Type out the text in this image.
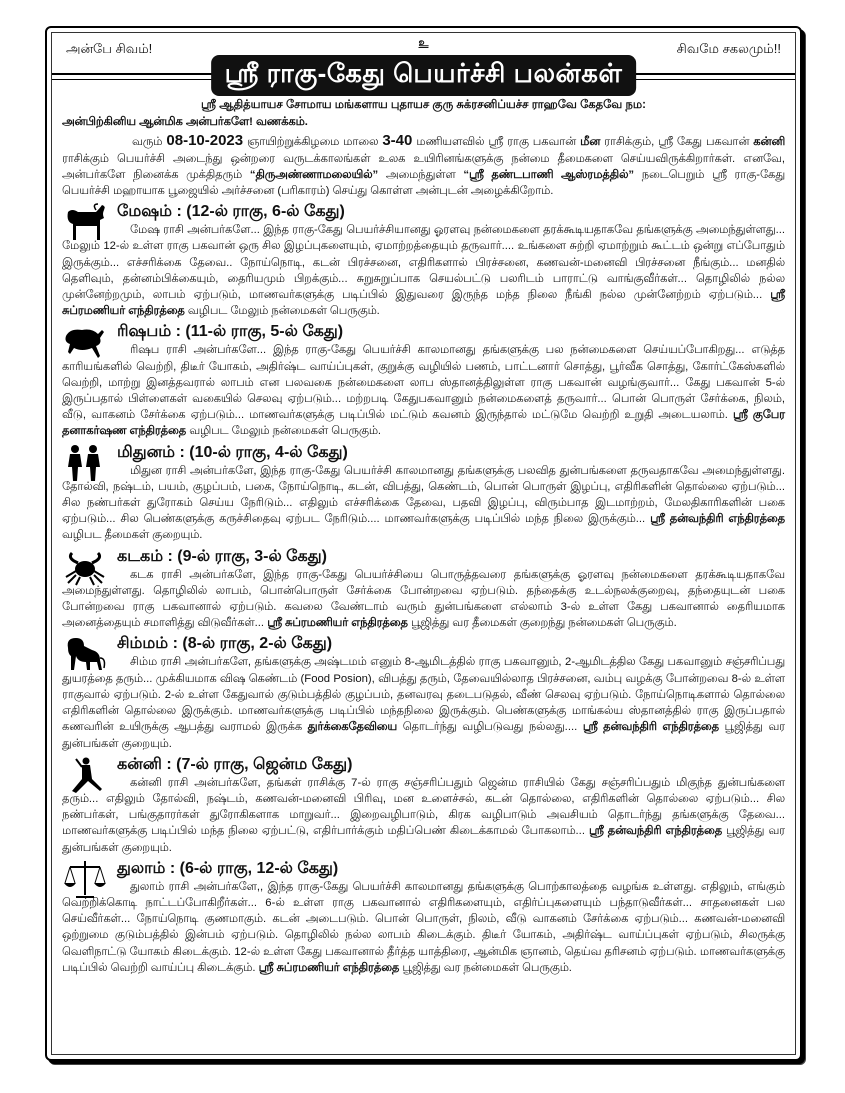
அன்பே சிவம்!	உ	சிவமே சகலமும்!!
ஸ்ரீ ராகு-கேது பெயர்ச்சி பலன்கள்
ஸ்ரீ ஆதித்யாயச சோமாய மங்களாய புதாயச குரு சுக்ரசனிப்யச்ச ராஹவே கேதவே நம:
அன்பிற்கினிய ஆன்மிக அன்பர்களே! வணக்கம்.
வரும் 08-10-2023 ஞாயிற்றுக்கிழமை மாலை 3-40 மணியளவில் ஸ்ரீ ராகு பகவான் மீன ராசிக்கும், ஸ்ரீ கேது பகவான் கன்னி ராசிக்கும் பெயர்ச்சி அடைந்து ஒன்றரை வருடக்காலங்கள் உலக உயிரினங்களுக்கு நன்மை தீமைகளை செய்யவிருக்கிறார்கள். எனவே, அன்பர்களே நினைக்க முக்திதரும் “திருஅண்ணாமலையில்” அமைந்துள்ள “ஸ்ரீ தண்டபாணி ஆஸ்ரமத்தில்” நடைபெறும் ஸ்ரீ ராகு-கேது பெயர்ச்சி மஹாயாக பூஜையில் அர்ச்சனை (பரிகாரம்) செய்து கொள்ள அன்புடன் அழைக்கிறோம்.
மேஷம் : (12-ல் ராகு, 6-ல் கேது)
மேஷ ராசி அன்பர்களே... இந்த ராகு-கேது பெயர்ச்சியானது ஓரளவு நன்மைகளை தரக்கூடியதாகவே தங்களுக்கு அமைந்துள்ளது... மேலும் 12-ல் உள்ள ராகு பகவான் ஒரு சில இழப்புகளையும், ஏமாற்றத்தையும் தருவார்.... உங்களை சுற்றி ஏமாற்றும் கூட்டம் ஒன்று எப்போதும் இருக்கும்... எச்சரிக்கை தேவை.. நோய்நொடி, கடன் பிரச்சனை, எதிரிகளால் பிரச்சனை, கணவன்-மனைவி பிரச்சனை நீங்கும்... மனதில் தெளிவும், தன்னம்பிக்கையும், தைரியமும் பிறக்கும்... சுறுசுறுப்பாக செயல்பட்டு பலரிடம் பாராட்டு வாங்குவீர்கள்... தொழிலில் நல்ல முன்னேற்றமும், லாபம் ஏற்படும், மாணவர்களுக்கு படிப்பில் இதுவரை இருந்த மந்த நிலை நீங்கி நல்ல முன்னேற்றம் ஏற்படும்... ஸ்ரீ சுப்ரமணியர் எந்திரத்தை வழிபட மேலும் நன்மைகள் பெருகும்.
ரிஷபம் : (11-ல் ராகு, 5-ல் கேது)
ரிஷப ராசி அன்பர்களே... இந்த ராகு-கேது பெயர்ச்சி காலமானது தங்களுக்கு பல நன்மைகளை செய்யப்போகிறது... எடுத்த காரியங்களில் வெற்றி, திடீர் யோகம், அதிர்ஷ்ட வாய்ப்புகள், குறுக்கு வழியில் பணம், பாட்டனார் சொத்து, பூர்வீக சொத்து, கோர்ட்கேஸ்களில் வெற்றி, மாற்று இனத்தவரால் லாபம் என பலவகை நன்மைகளை லாப ஸ்தானத்திலுள்ள ராகு பகவான் வழங்குவார்... கேது பகவான் 5-ல் இருப்பதால் பிள்ளைகள் வகையில் செலவு ஏற்படும்... மற்றபடி கேதுபகவானும் நன்மைகளைத் தருவார்... பொன் பொருள் சேர்க்கை, நிலம், வீடு, வாகனம் சேர்க்கை ஏற்படும்... மாணவர்களுக்கு படிப்பில் மட்டும் கவனம் இருந்தால் மட்டுமே வெற்றி உறுதி அடையலாம். ஸ்ரீ குபேர தனாகர்ஷண எந்திரத்தை வழிபட மேலும் நன்மைகள் பெருகும்.
மிதுனம் : (10-ல் ராகு, 4-ல் கேது)
மிதுன ராசி அன்பர்களே, இந்த ராகு-கேது பெயர்ச்சி காலமானது தங்களுக்கு பலவித துன்பங்களை தருவதாகவே அமைந்துள்ளது. தோல்வி, நஷ்டம், பயம், குழப்பம், பகை, நோய்நொடி, கடன், விபத்து, கெண்டம், பொன் பொருள் இழப்பு, எதிரிகளின் தொல்லை ஏற்படும்... சில நண்பர்கள் துரோகம் செய்ய நேரிடும்... எதிலும் எச்சரிக்கை தேவை, பதவி இழப்பு, விரும்பாத இடமாற்றம், மேலதிகாரிகளின் பகை ஏற்படும்... சில பெண்களுக்கு கருச்சிதைவு ஏற்பட நேரிடும்.... மாணவர்களுக்கு படிப்பில் மந்த நிலை இருக்கும்... ஸ்ரீ தன்வந்திரி எந்திரத்தை வழிபட தீமைகள் குறையும்.
கடகம் : (9-ல் ராகு, 3-ல் கேது)
கடக ராசி அன்பர்களே, இந்த ராகு-கேது பெயர்ச்சியை பொருத்தவரை தங்களுக்கு ஓரளவு நன்மைகளை தரக்கூடியதாகவே அமைந்துள்ளது. தொழிலில் லாபம், பொன்பொருள் சேர்க்கை போன்றவை ஏற்படும். தந்தைக்கு உடல்நலக்குறைவு, தந்தையுடன் பகை போன்றவை ராகு பகவானால் ஏற்படும். கவலை வேண்டாம் வரும் துன்பங்களை எல்லாம் 3-ல் உள்ள கேது பகவானால் தைரியமாக அனைத்தையும் சமாளித்து விடுவீர்கள்... ஸ்ரீ சுப்ரமணியர் எந்திரத்தை பூஜித்து வர தீமைகள் குறைந்து நன்மைகள் பெருகும்.
சிம்மம் : (8-ல் ராகு, 2-ல் கேது)
சிம்ம ராசி அன்பர்களே, தங்களுக்கு அஷ்டமம் எனும் 8-ஆமிடத்தில் ராகு பகவானும், 2-ஆமிடத்தில கேது பகவானும் சஞ்சரிப்பது துயரத்தை தரும்... முக்கியமாக விஷ கெண்டம் (Food Posion), விபத்து தரும், தேவையில்லாத பிரச்சனை, வம்பு வழக்கு போன்றவை 8-ல் உள்ள ராகுவால் ஏற்படும். 2-ல் உள்ள கேதுவால் குடும்பத்தில் குழப்பம், தனவரவு தடைபடுதல், வீண் செலவு ஏற்படும். நோய்நொடிகளால் தொல்லை எதிரிகளின் தொல்லை இருக்கும். மாணவர்களுக்கு படிப்பில் மந்தநிலை இருக்கும். பெண்களுக்கு மாங்கல்ய ஸ்தானத்தில் ராகு இருப்பதால் கணவரின் உயிருக்கு ஆபத்து வராமல் இருக்க துர்க்கைதேவியை தொடர்ந்து வழிபடுவது நல்லது.... ஸ்ரீ தன்வந்திரி எந்திரத்தை பூஜித்து வர துன்பங்கள் குறையும்.
கன்னி : (7-ல் ராகு, ஜென்ம கேது)
கன்னி ராசி அன்பர்களே, தங்கள் ராசிக்கு 7-ல் ராகு சஞ்சரிப்பதும் ஜென்ம ராசியில் கேது சஞ்சரிப்பதும் மிகுந்த துன்பங்களை தரும்... எதிலும் தோல்வி, நஷ்டம், கணவன்-மனைவி பிரிவு, மன உளைச்சல், கடன் தொல்லை, எதிரிகளின் தொல்லை ஏற்படும்... சில நண்பர்கள், பங்குதாரர்கள் துரோகிகளாக மாறுவர்... இறைவழிபாடும், கிரக வழிபாடும் அவசியம் தொடர்ந்து தங்களுக்கு தேவை... மாணவர்களுக்கு படிப்பில் மந்த நிலை ஏற்பட்டு, எதிர்பார்க்கும் மதிப்பெண் கிடைக்காமல் போகலாம்... ஸ்ரீ தன்வந்திரி எந்திரத்தை பூஜித்து வர துன்பங்கள் குறையும்.
துலாம் : (6-ல் ராகு, 12-ல் கேது)
துலாம் ராசி அன்பர்களே,, இந்த ராகு-கேது பெயர்ச்சி காலமானது தங்களுக்கு பொற்காலத்தை வழங்க உள்ளது. எதிலும், எங்கும் வெற்றிக்கொடி நாட்டப்போகிறீர்கள்... 6-ல் உள்ள ராகு பகவானால் எதிரிகளையும், எதிர்ப்புகளையும் பந்தாடுவீர்கள்... சாதனைகள் பல செய்வீர்கள்... நோய்நொடி குணமாகும். கடன் அடைபடும். பொன் பொருள், நிலம், வீடு வாகனம் சேர்க்கை ஏற்படும்... கணவன்-மனைவி ஒற்றுமை குடும்பத்தில் இன்பம் ஏற்படும். தொழிலில் நல்ல லாபம் கிடைக்கும். திடீர் யோகம், அதிர்ஷ்ட வாய்ப்புகள் ஏற்படும், சிலருக்கு வெளிநாட்டு யோகம் கிடைக்கும். 12-ல் உள்ள கேது பகவானால் தீர்த்த யாத்திரை, ஆன்மிக ஞானம், தெய்வ தரிசனம் ஏற்படும். மாணவர்களுக்கு படிப்பில் வெற்றி வாய்ப்பு கிடைக்கும். ஸ்ரீ சுப்ரமணியர் எந்திரத்தை பூஜித்து வர நன்மைகள் பெருகும்.
